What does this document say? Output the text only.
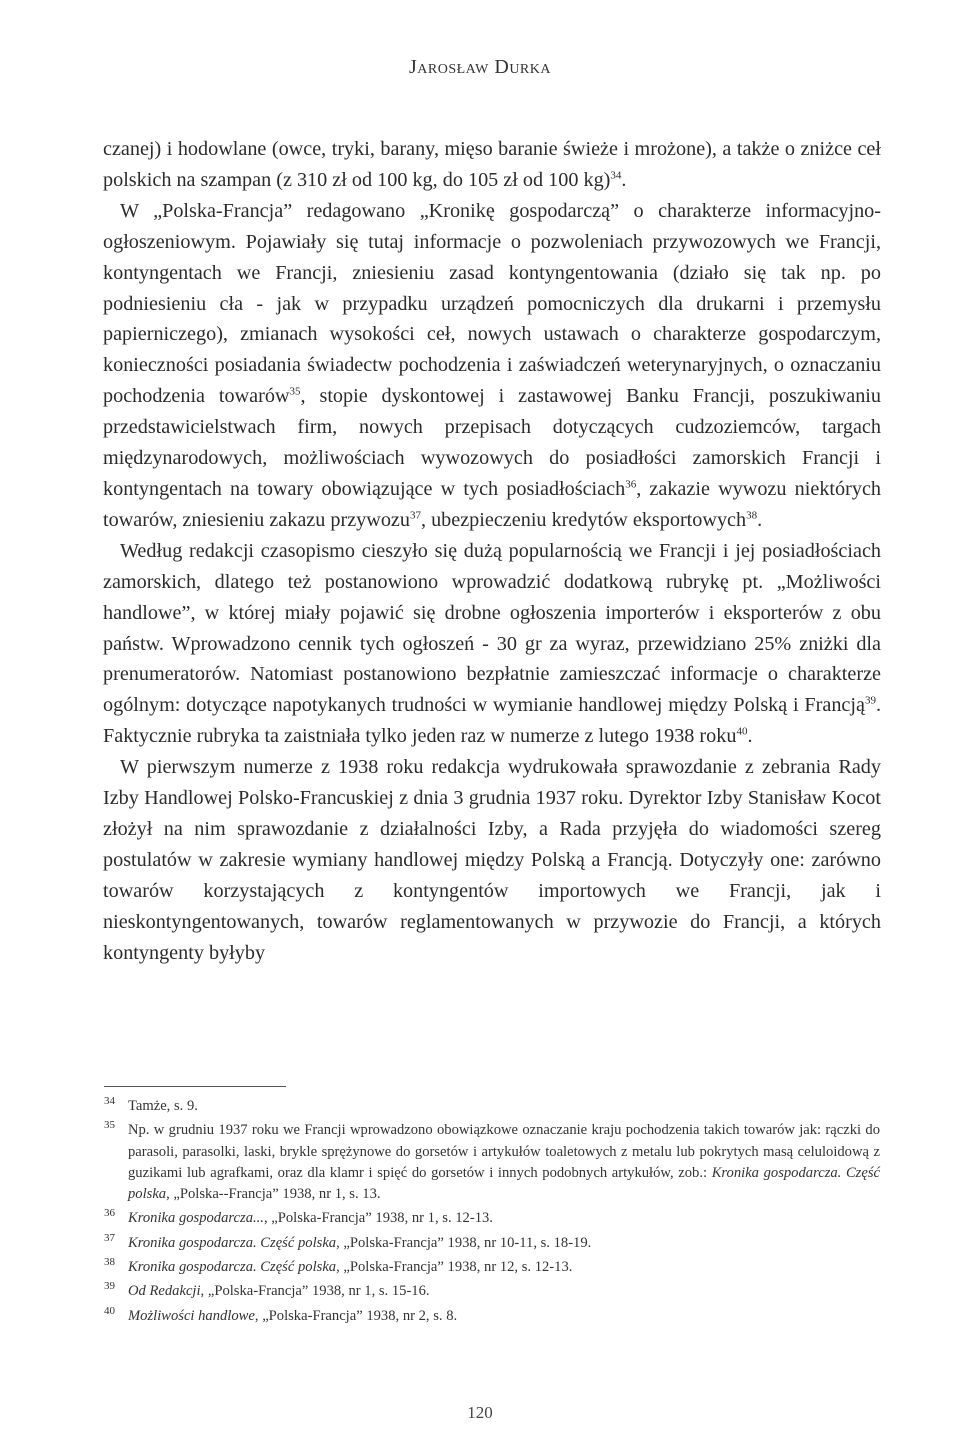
Jarosław Durka

czanej) i hodowlane (owce, tryki, barany, mięso baranie świeże i mrożone), a także o zniżce ceł polskich na szampan (z 310 zł od 100 kg, do 105 zł od 100 kg)$^{34}$.

W „Polska-Francja” redagowano „Kronikę gospodarczą” o charakterze informacyjno-ogłoszeniowym. Pojawiały się tutaj informacje o pozwoleniach przywozowych we Francji, kontyngentach we Francji, zniesieniu zasad kontyngentowania (działo się tak np. po podniesieniu cła - jak w przypadku urządzeń pomocniczych dla drukarni i przemysłu papierniczego), zmianach wysokości ceł, nowych ustawach o charakterze gospodarczym, konieczności posiadania świadectw pochodzenia i zaświadczeń weterynaryjnych, o oznaczaniu pochodzenia towarów$^{35}$, stopie dyskontowej i zastawowej Banku Francji, poszukiwaniu przedstawicielstwach firm, nowych przepisach dotyczących cudzoziemców, targach międzynarodowych, możliwościach wywozowych do posiadłości zamorskich Francji i kontyngentach na towary obowiązujące w tych posiadłościach$^{36}$, zakazie wywozu niektórych towarów, zniesieniu zakazu przywozu$^{37}$, ubezpieczeniu kredytów eksportowych$^{38}$.

Według redakcji czasopismo cieszyło się dużą popularnością we Francji i jej posiadłościach zamorskich, dlatego też postanowiono wprowadzić dodatkową rubrykę pt. „Możliwości handlowe”, w której miały pojawić się drobne ogłoszenia importerów i eksporterów z obu państw. Wprowadzono cennik tych ogłoszeń - 30 gr za wyraz, przewidziano 25% zniżki dla prenumeratorów. Natomiast postanowiono bezpłatnie zamieszczać informacje o charakterze ogólnym: dotyczące napotykanych trudności w wymianie handlowej między Polską i Francją$^{39}$. Faktycznie rubryka ta zaistniała tylko jeden raz w numerze z lutego 1938 roku$^{40}$.

W pierwszym numerze z 1938 roku redakcja wydrukowała sprawozdanie z zebrania Rady Izby Handlowej Polsko-Francuskiej z dnia 3 grudnia 1937 roku. Dyrektor Izby Stanisław Kocot złożył na nim sprawozdanie z działalności Izby, a Rada przyjęła do wiadomości szereg postulatów w zakresie wymiany handlowej między Polską a Francją. Dotyczyły one: zarówno towarów korzystających z kontyngentów importowych we Francji, jak i nieskontyngentowanych, towarów reglamentowanych w przywozie do Francji, a których kontyngenty byłyby

34 Tamże, s. 9.
35 Np. w grudniu 1937 roku we Francji wprowadzono obowiązkowe oznaczanie kraju pochodzenia takich towarów jak: rączki do parasoli, parasolki, laski, brykle sprężynowe do gorsetów i artykułów toaletowych z metalu lub pokrytych masą celuloidową z guzikami lub agrafkami, oraz dla klamr i spięć do gorsetów i innych podobnych artykułów, zob.: Kronika gospodarcza. Część polska, „Polska--Francja” 1938, nr 1, s. 13.
36 Kronika gospodarcza..., „Polska-Francja” 1938, nr 1, s. 12-13.
37 Kronika gospodarcza. Część polska, „Polska-Francja” 1938, nr 10-11, s. 18-19.
38 Kronika gospodarcza. Część polska, „Polska-Francja” 1938, nr 12, s. 12-13.
39 Od Redakcji, „Polska-Francja” 1938, nr 1, s. 15-16.
40 Możliwości handlowe, „Polska-Francja” 1938, nr 2, s. 8.
120
